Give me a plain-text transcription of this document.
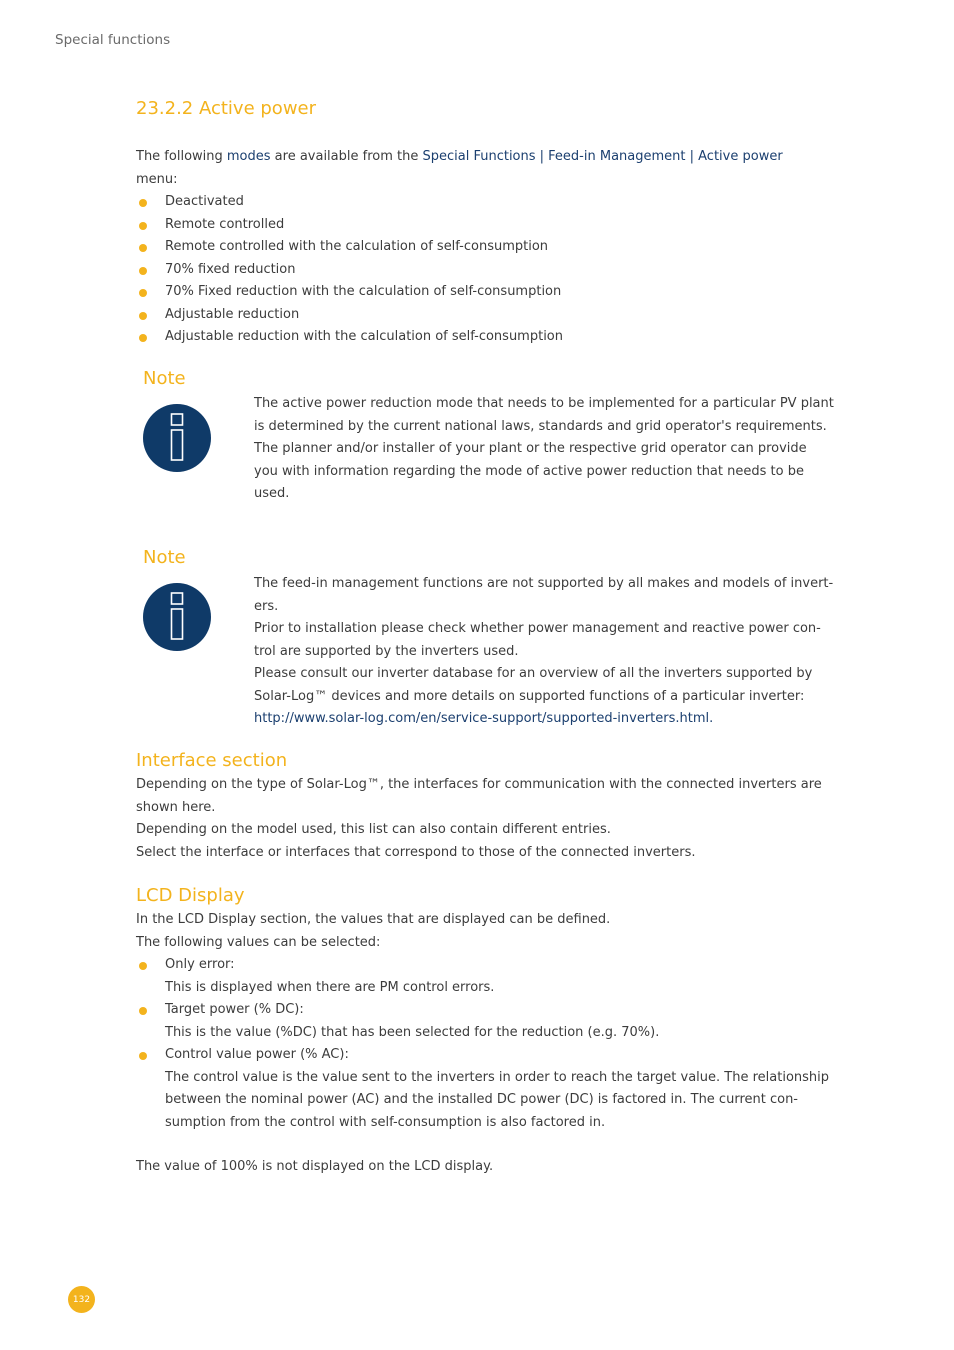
Special functions
23.2.2 Active power
The following modes are available from the Special Functions | Feed-in Management | Active power
menu:
Deactivated
Remote controlled
Remote controlled with the calculation of self-consumption
70% fixed reduction
70% Fixed reduction with the calculation of self-consumption
Adjustable reduction
Adjustable reduction with the calculation of self-consumption
Note
The active power reduction mode that needs to be implemented for a particular PV plant
is determined by the current national laws, standards and grid operator's requirements.
The planner and/or installer of your plant or the respective grid operator can provide
you with information regarding the mode of active power reduction that needs to be
used.
Note
The feed-in management functions are not supported by all makes and models of invert-
ers.
Prior to installation please check whether power management and reactive power con-
trol are supported by the inverters used.
Please consult our inverter database for an overview of all the inverters supported by
Solar-Log™ devices and more details on supported functions of a particular inverter:
http://www.solar-log.com/en/service-support/supported-inverters.html.
Interface section
Depending on the type of Solar-Log™, the interfaces for communication with the connected inverters are
shown here.
Depending on the model used, this list can also contain different entries.
Select the interface or interfaces that correspond to those of the connected inverters.
LCD Display
In the LCD Display section, the values that are displayed can be defined.
The following values can be selected:
Only error:
This is displayed when there are PM control errors.
Target power (% DC):
This is the value (%DC) that has been selected for the reduction (e.g. 70%).
Control value power (% AC):
The control value is the value sent to the inverters in order to reach the target value. The relationship
between the nominal power (AC) and the installed DC power (DC) is factored in. The current con-
sumption from the control with self-consumption is also factored in.
The value of 100% is not displayed on the LCD display.
132
